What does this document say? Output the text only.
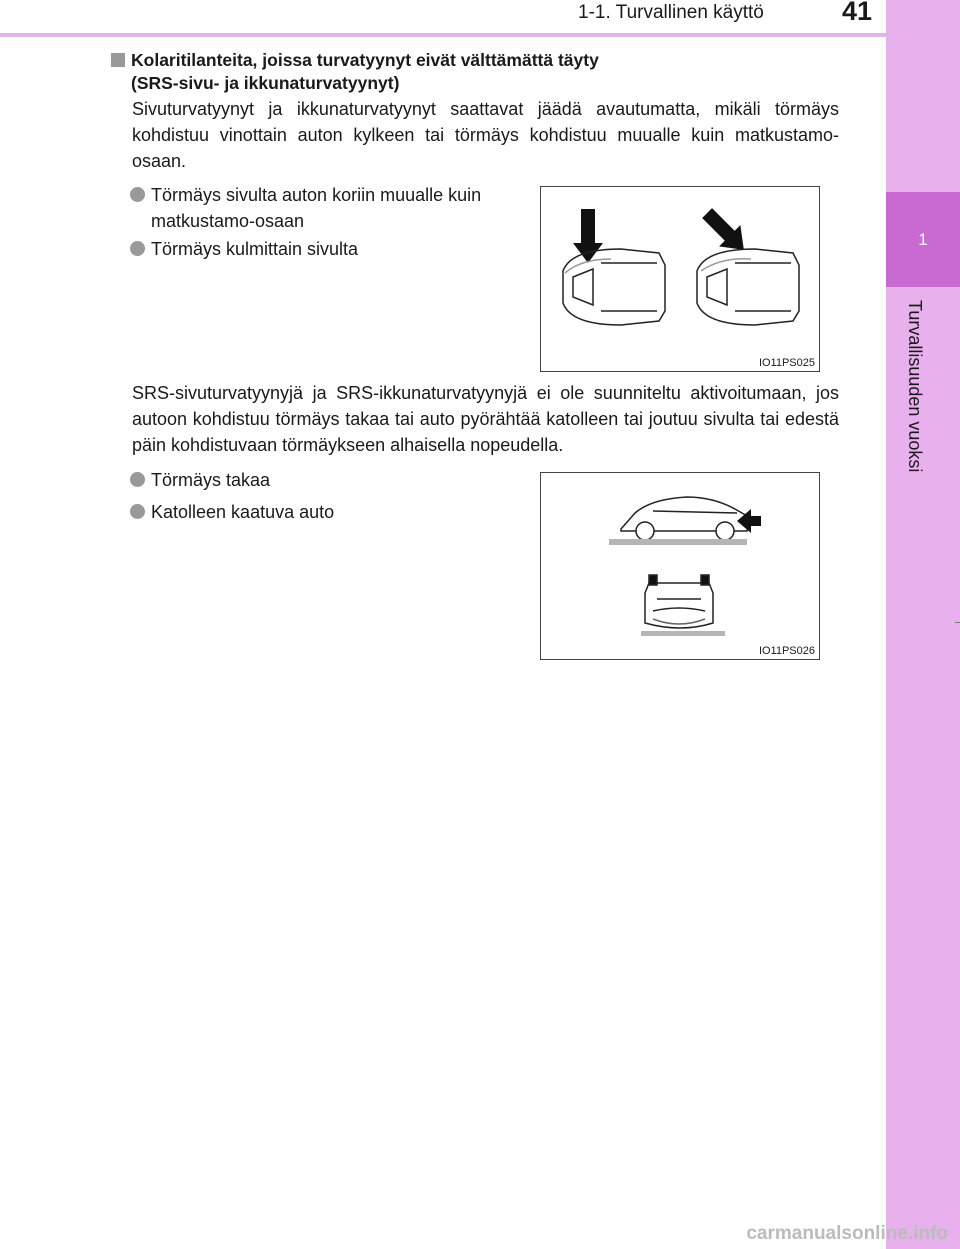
1-1. Turvallinen käyttö	41
1
Turvallisuuden vuoksi
Kolaritilanteita, joissa turvatyynyt eivät välttämättä täyty
(SRS-sivu- ja ikkunaturvatyynyt)
Sivuturvatyynyt ja ikkunaturvatyynyt saattavat jäädä avautumatta, mikäli törmäys kohdistuu vinottain auton kylkeen tai törmäys kohdistuu muualle kuin matkustamo-osaan.
Törmäys sivulta auton koriin muualle kuin matkustamo-osaan
Törmäys kulmittain sivulta
IO11PS025
SRS-sivuturvatyynyjä ja SRS-ikkunaturvatyynyjä ei ole suunniteltu aktivoitumaan, jos autoon kohdistuu törmäys takaa tai auto pyörähtää katolleen tai joutuu sivulta tai edestä päin kohdistuvaan törmäykseen alhaisella nopeudella.
Törmäys takaa
Katolleen kaatuva auto
IO11PS026
carmanualsonline.info
